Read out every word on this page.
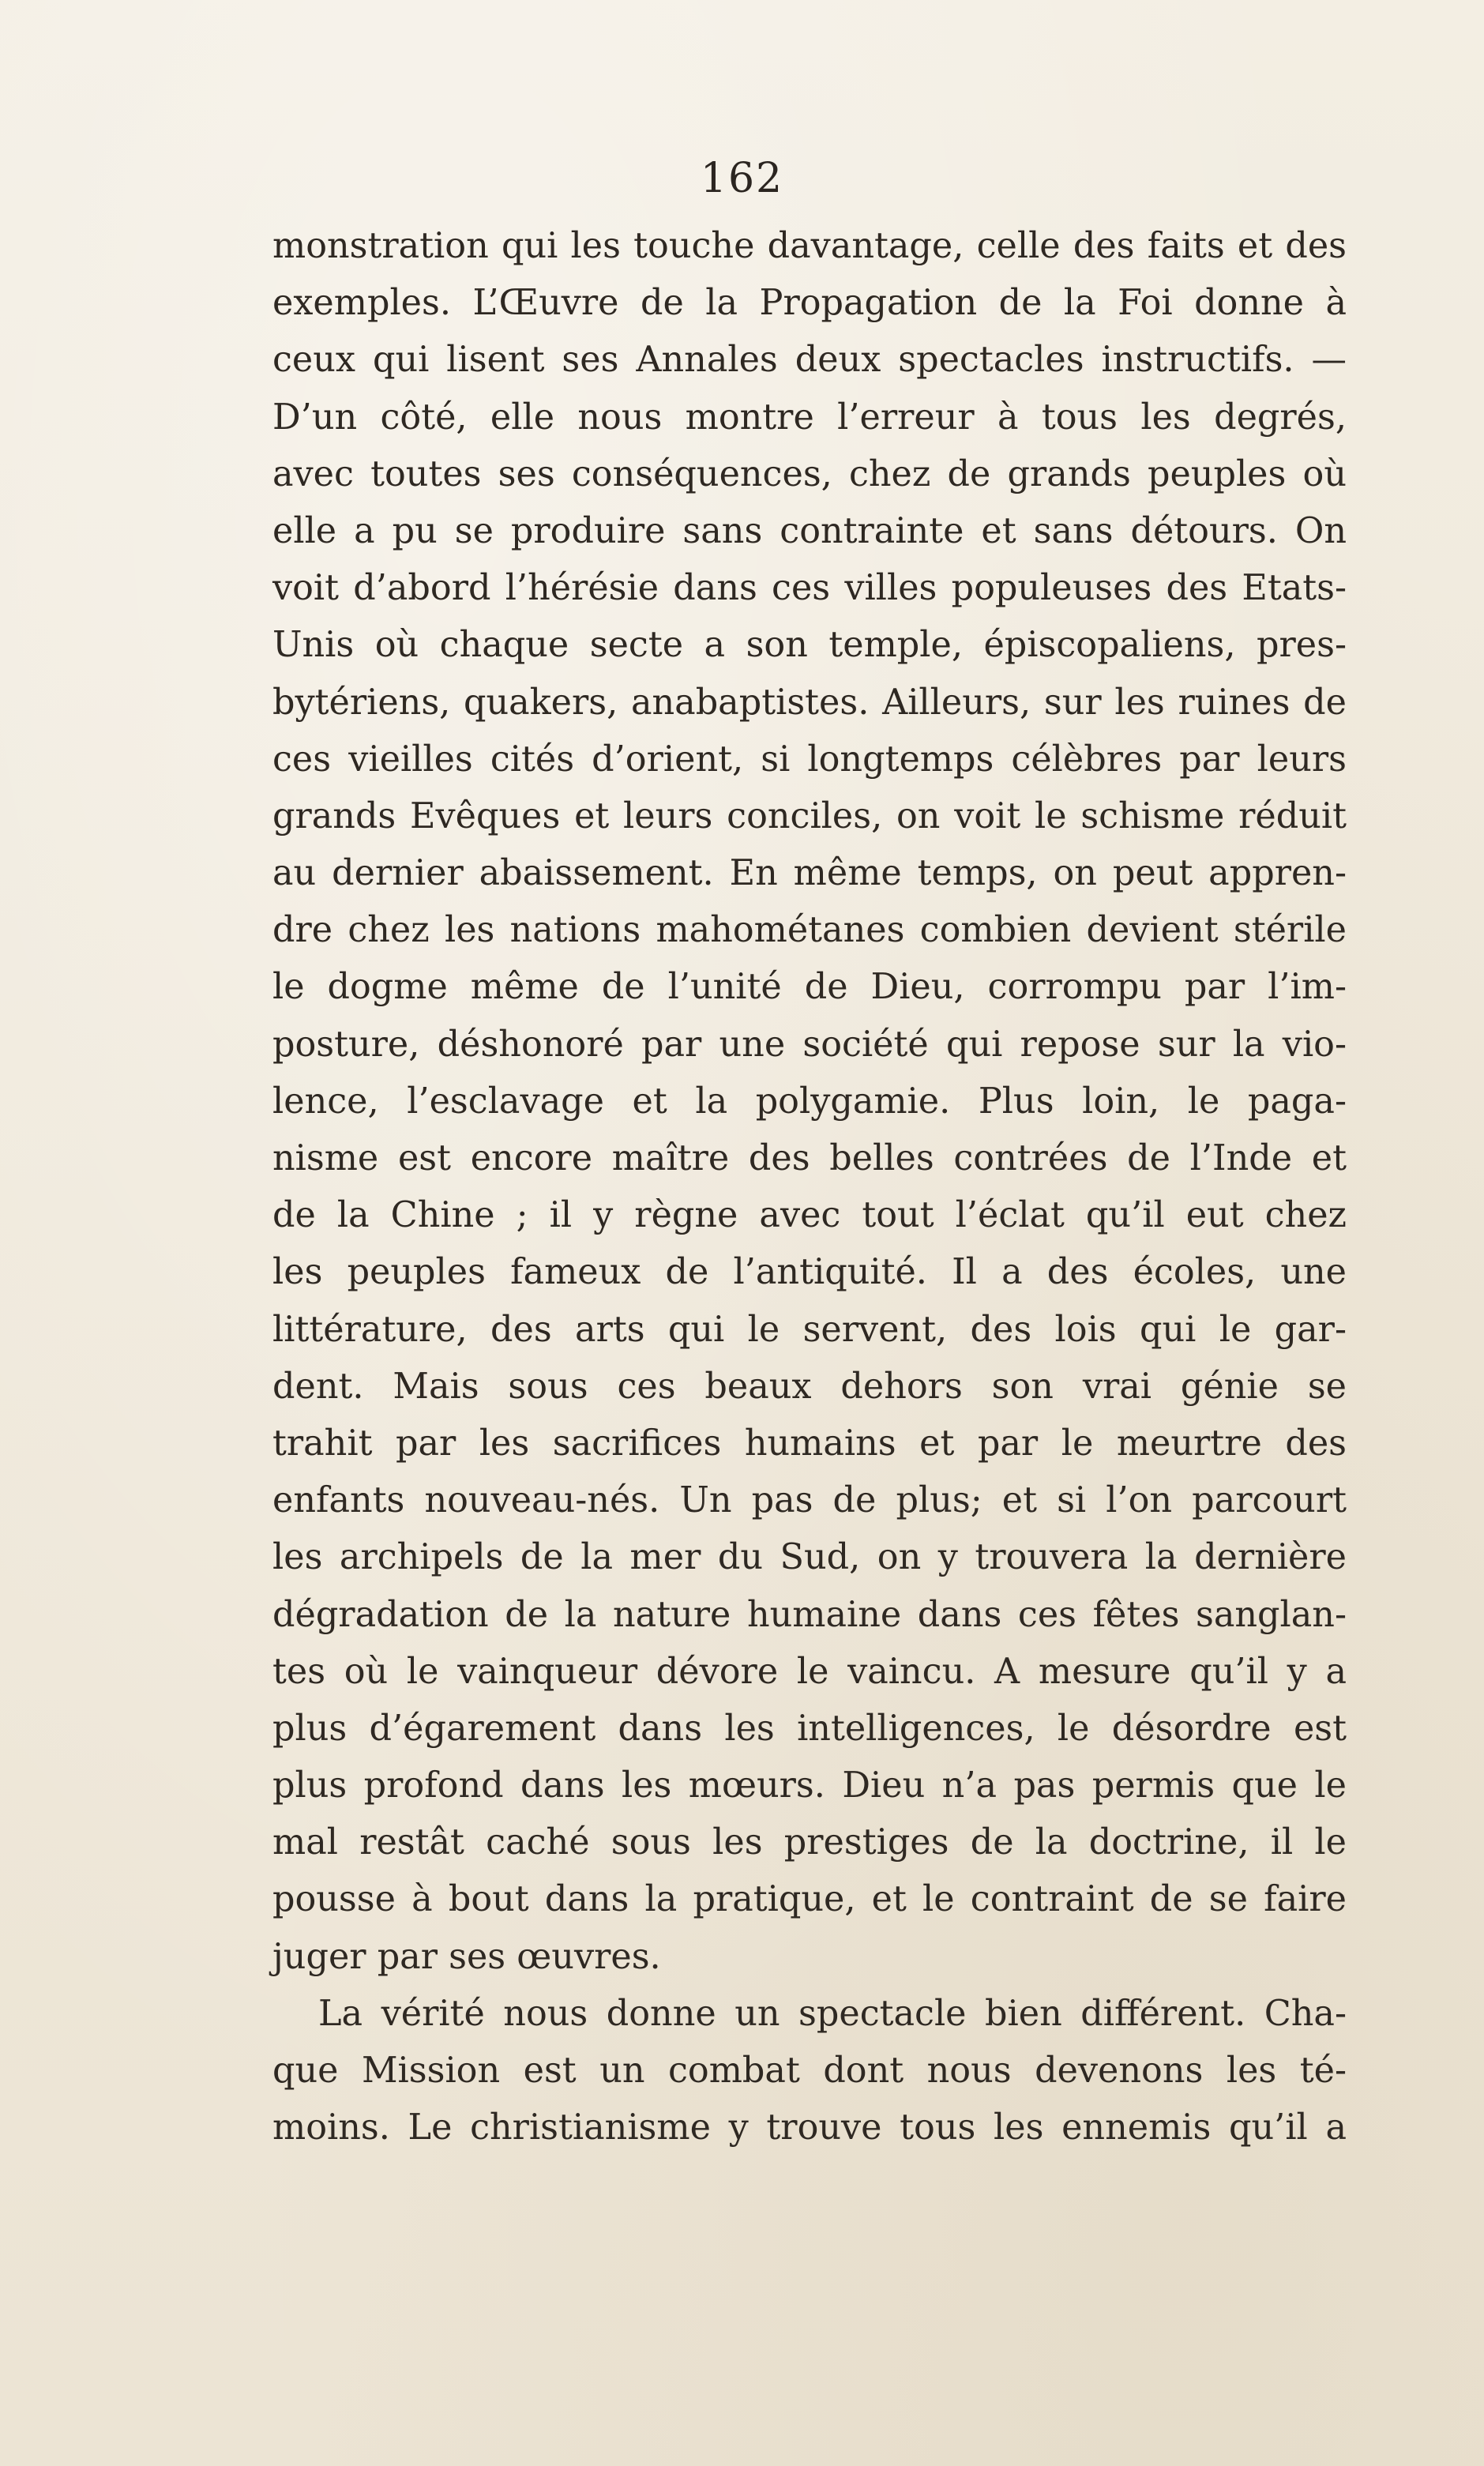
162
monstration qui les touche davantage, celle des faits et des
exemples. L’Œuvre de la Propagation de la Foi donne à
ceux qui lisent ses Annales deux spectacles instructifs. —
D’un côté, elle nous montre l’erreur à tous les degrés,
avec toutes ses conséquences, chez de grands peuples où
elle a pu se produire sans contrainte et sans détours. On
voit d’abord l’hérésie dans ces villes populeuses des Etats-
Unis où chaque secte a son temple, épiscopaliens, pres-
bytériens, quakers, anabaptistes. Ailleurs, sur les ruines de
ces vieilles cités d’orient, si longtemps célèbres par leurs
grands Evêques et leurs conciles, on voit le schisme réduit
au dernier abaissement. En même temps, on peut appren-
dre chez les nations mahométanes combien devient stérile
le dogme même de l’unité de Dieu, corrompu par l’im-
posture, déshonoré par une société qui repose sur la vio-
lence, l’esclavage et la polygamie. Plus loin, le paga-
nisme est encore maître des belles contrées de l’Inde et
de la Chine ; il y règne avec tout l’éclat qu’il eut chez
les peuples fameux de l’antiquité. Il a des écoles, une
littérature, des arts qui le servent, des lois qui le gar-
dent. Mais sous ces beaux dehors son vrai génie se
trahit par les sacrifices humains et par le meurtre des
enfants nouveau-nés. Un pas de plus; et si l’on parcourt
les archipels de la mer du Sud, on y trouvera la dernière
dégradation de la nature humaine dans ces fêtes sanglan-
tes où le vainqueur dévore le vaincu. A mesure qu’il y a
plus d’égarement dans les intelligences, le désordre est
plus profond dans les mœurs. Dieu n’a pas permis que le
mal restât caché sous les prestiges de la doctrine, il le
pousse à bout dans la pratique, et le contraint de se faire
juger par ses œuvres.
La vérité nous donne un spectacle bien différent. Cha-
que Mission est un combat dont nous devenons les té-
moins. Le christianisme y trouve tous les ennemis qu’il a
